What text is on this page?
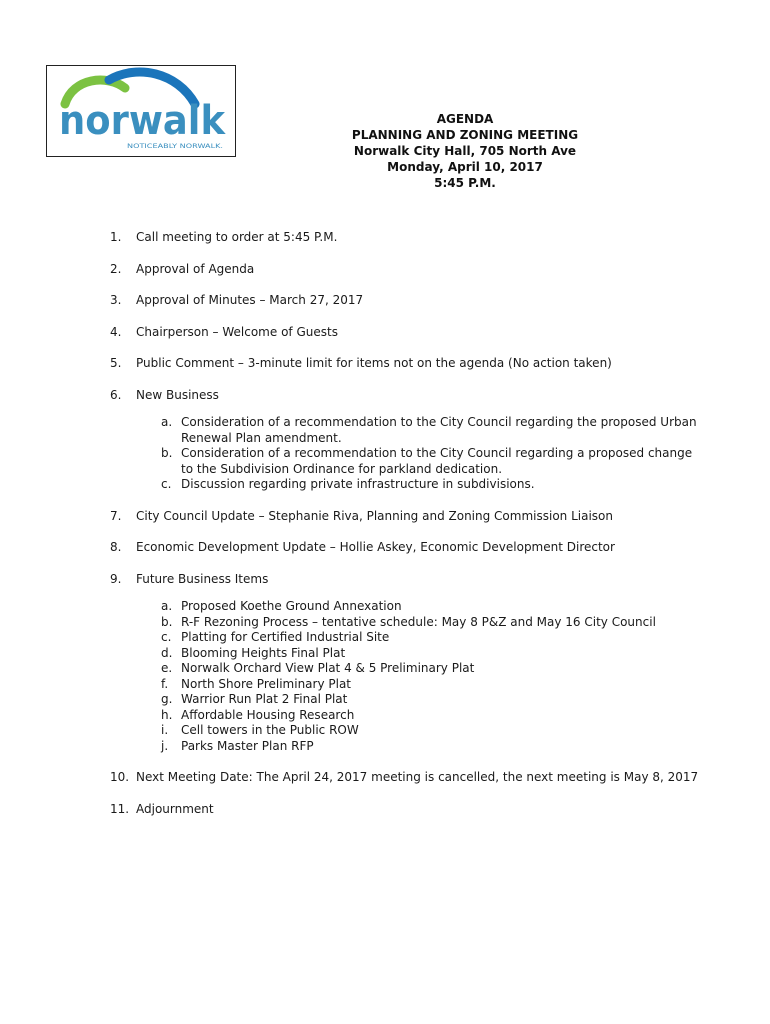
norwalk
NOTICEABLY NORWALK.
AGENDA
PLANNING AND ZONING MEETING
Norwalk City Hall, 705 North Ave
Monday, April 10, 2017
5:45 P.M.
1. Call meeting to order at 5:45 P.M.
2. Approval of Agenda
3. Approval of Minutes – March 27, 2017
4. Chairperson – Welcome of Guests
5. Public Comment – 3-minute limit for items not on the agenda (No action taken)
6. New Business
a. Consideration of a recommendation to the City Council regarding the proposed Urban Renewal Plan amendment.
b. Consideration of a recommendation to the City Council regarding a proposed change to the Subdivision Ordinance for parkland dedication.
c. Discussion regarding private infrastructure in subdivisions.
7. City Council Update – Stephanie Riva, Planning and Zoning Commission Liaison
8. Economic Development Update – Hollie Askey, Economic Development Director
9. Future Business Items
a. Proposed Koethe Ground Annexation
b. R-F Rezoning Process – tentative schedule: May 8 P&Z and May 16 City Council
c. Platting for Certified Industrial Site
d. Blooming Heights Final Plat
e. Norwalk Orchard View Plat 4 & 5 Preliminary Plat
f. North Shore Preliminary Plat
g. Warrior Run Plat 2 Final Plat
h. Affordable Housing Research
i. Cell towers in the Public ROW
j. Parks Master Plan RFP
10. Next Meeting Date: The April 24, 2017 meeting is cancelled, the next meeting is May 8, 2017
11. Adjournment
